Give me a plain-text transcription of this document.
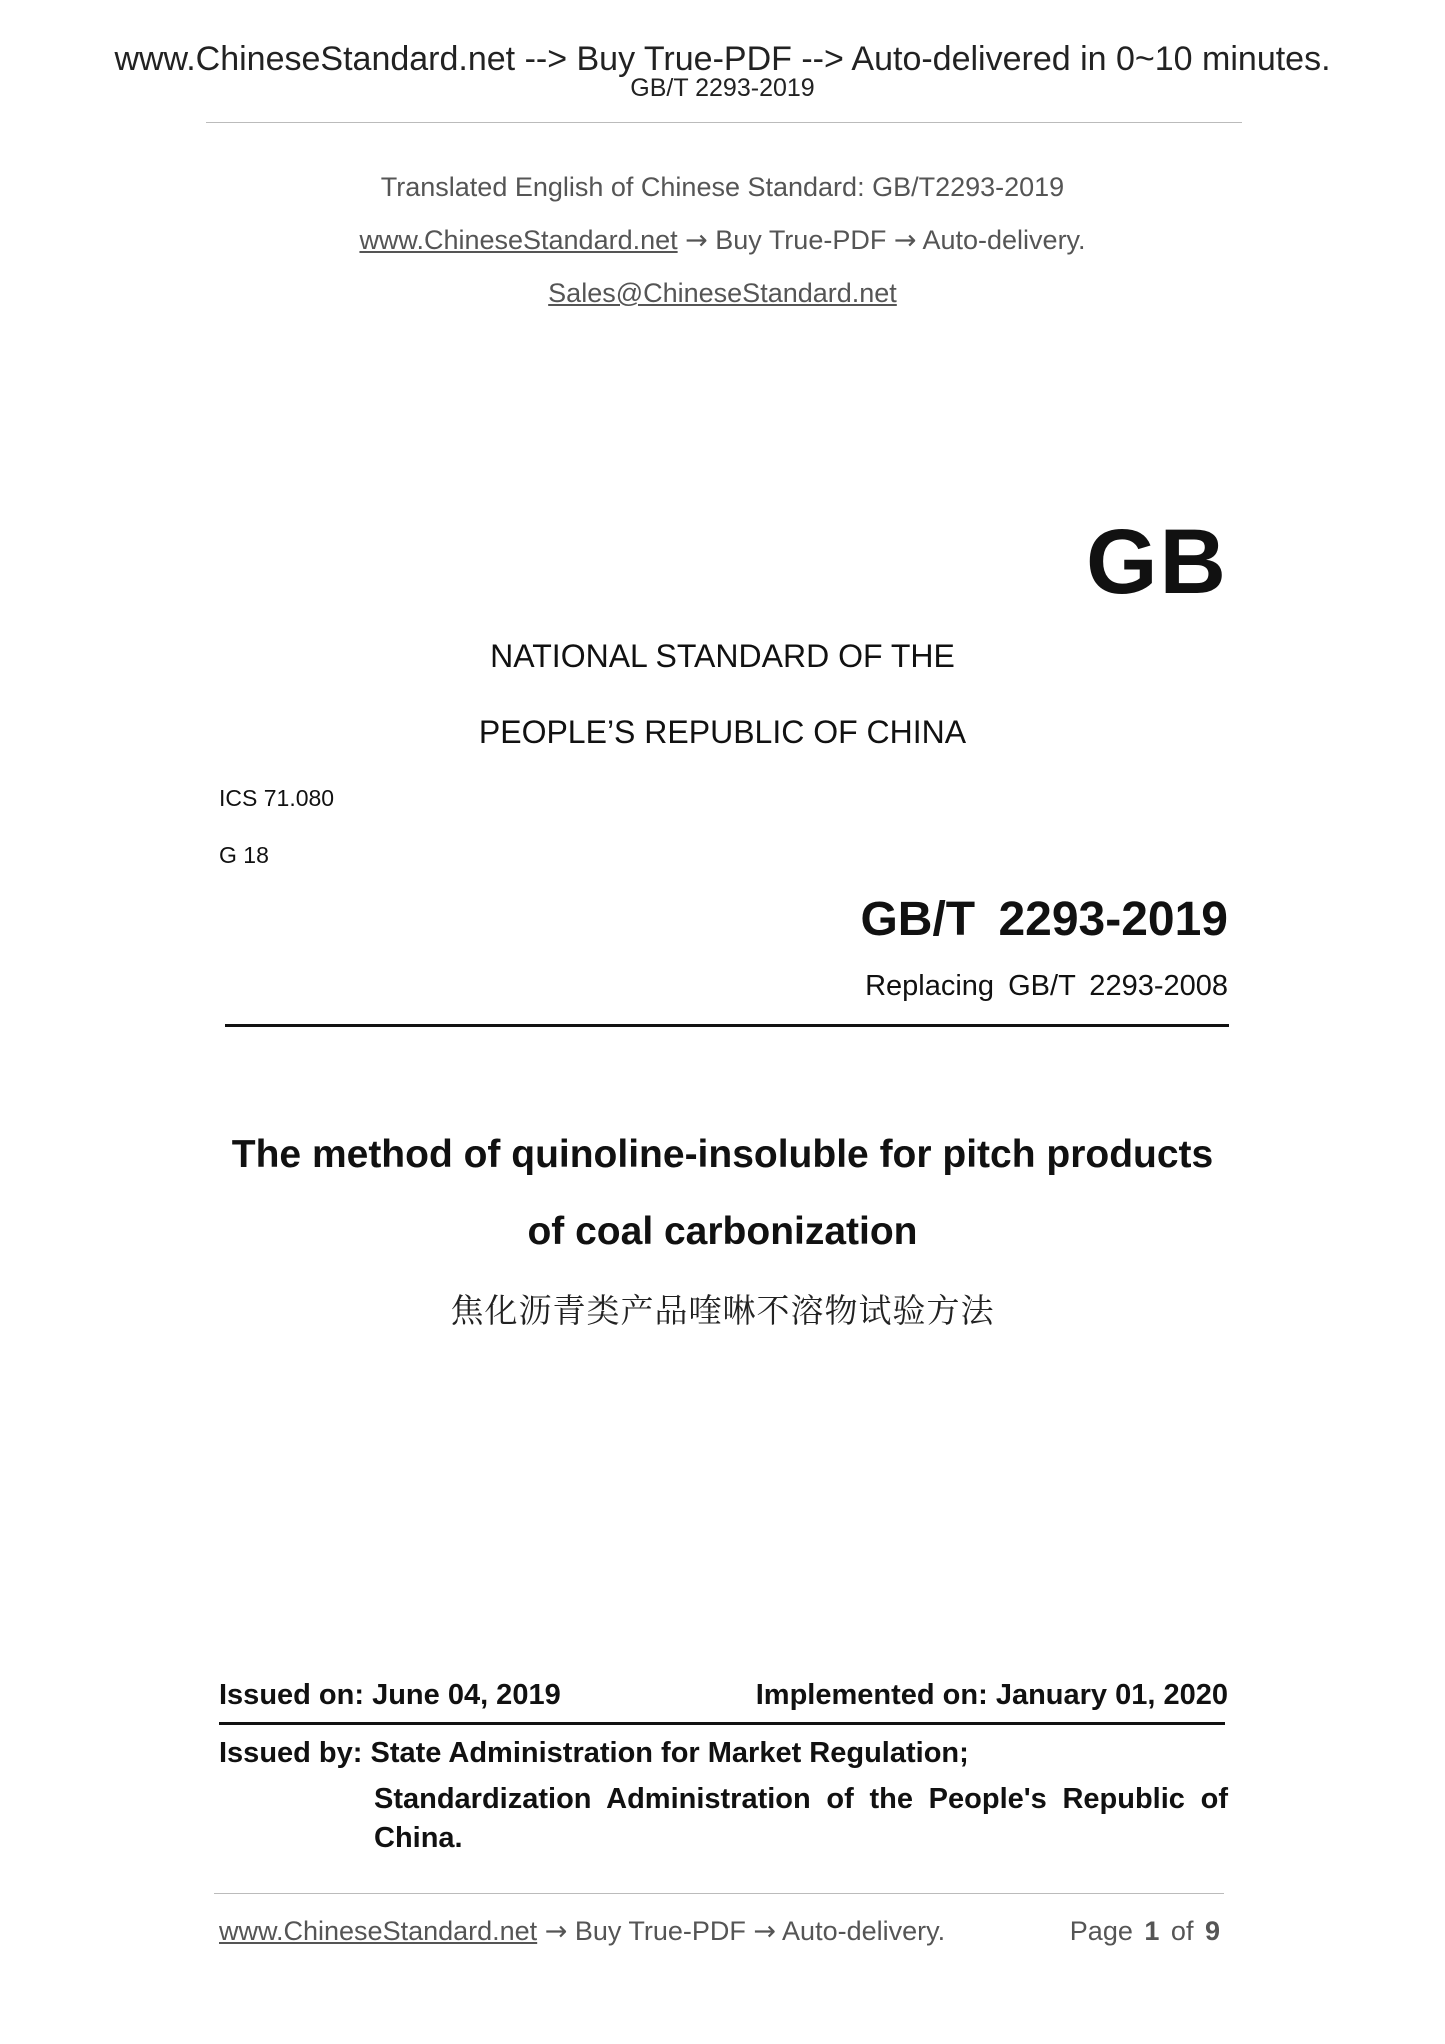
www.ChineseStandard.net --> Buy True-PDF --> Auto-delivered in 0~10 minutes.
GB/T 2293-2019
Translated English of Chinese Standard: GB/T2293-2019
www.ChineseStandard.net → Buy True-PDF → Auto-delivery.
Sales@ChineseStandard.net
GB
NATIONAL STANDARD OF THE
PEOPLE’S REPUBLIC OF CHINA
ICS 71.080
G 18
GB/T 2293-2019
Replacing GB/T 2293-2008
The method of quinoline-insoluble for pitch products
of coal carbonization
焦化沥青类产品喹啉不溶物试验方法
Issued on: June 04, 2019	Implemented on: January 01, 2020
Issued by: State Administration for Market Regulation;
Standardization Administration of the People's Republic of
China.
www.ChineseStandard.net → Buy True-PDF → Auto-delivery.	Page 1 of 9
